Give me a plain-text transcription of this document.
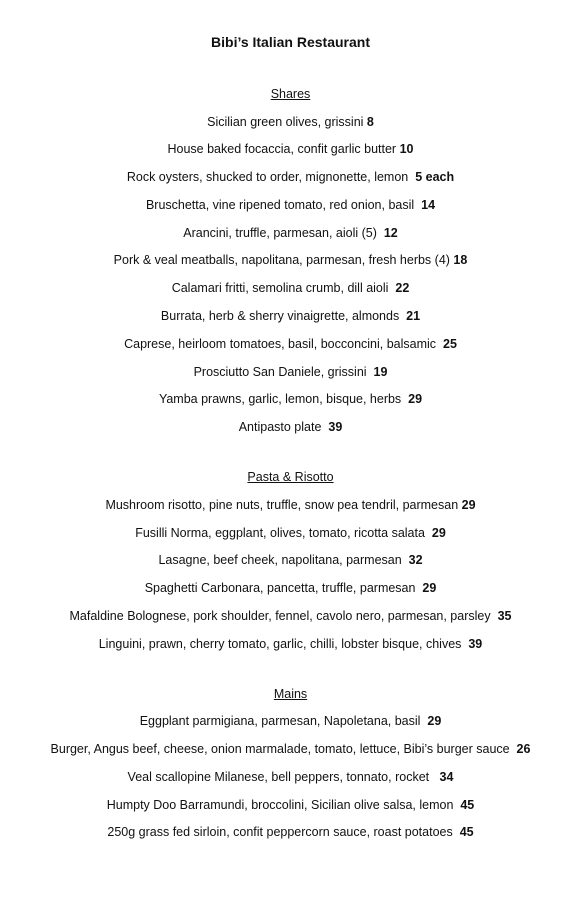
Bibi’s Italian Restaurant
Shares
Sicilian green olives, grissini 8
House baked focaccia, confit garlic butter 10
Rock oysters, shucked to order, mignonette, lemon  5 each
Bruschetta, vine ripened tomato, red onion, basil  14
Arancini, truffle, parmesan, aioli (5)  12
Pork & veal meatballs, napolitana, parmesan, fresh herbs (4) 18
Calamari fritti, semolina crumb, dill aioli  22
Burrata, herb & sherry vinaigrette, almonds  21
Caprese, heirloom tomatoes, basil, bocconcini, balsamic  25
Prosciutto San Daniele, grissini  19
Yamba prawns, garlic, lemon, bisque, herbs  29
Antipasto plate  39
Pasta & Risotto
Mushroom risotto, pine nuts, truffle, snow pea tendril, parmesan 29
Fusilli Norma, eggplant, olives, tomato, ricotta salata  29
Lasagne, beef cheek, napolitana, parmesan  32
Spaghetti Carbonara, pancetta, truffle, parmesan  29
Mafaldine Bolognese, pork shoulder, fennel, cavolo nero, parmesan, parsley  35
Linguini, prawn, cherry tomato, garlic, chilli, lobster bisque, chives  39
Mains
Eggplant parmigiana, parmesan, Napoletana, basil  29
Burger, Angus beef, cheese, onion marmalade, tomato, lettuce, Bibi’s burger sauce  26
Veal scallopine Milanese, bell peppers, tonnato, rocket   34
Humpty Doo Barramundi, broccolini, Sicilian olive salsa, lemon  45
250g grass fed sirloin, confit peppercorn sauce, roast potatoes  45
